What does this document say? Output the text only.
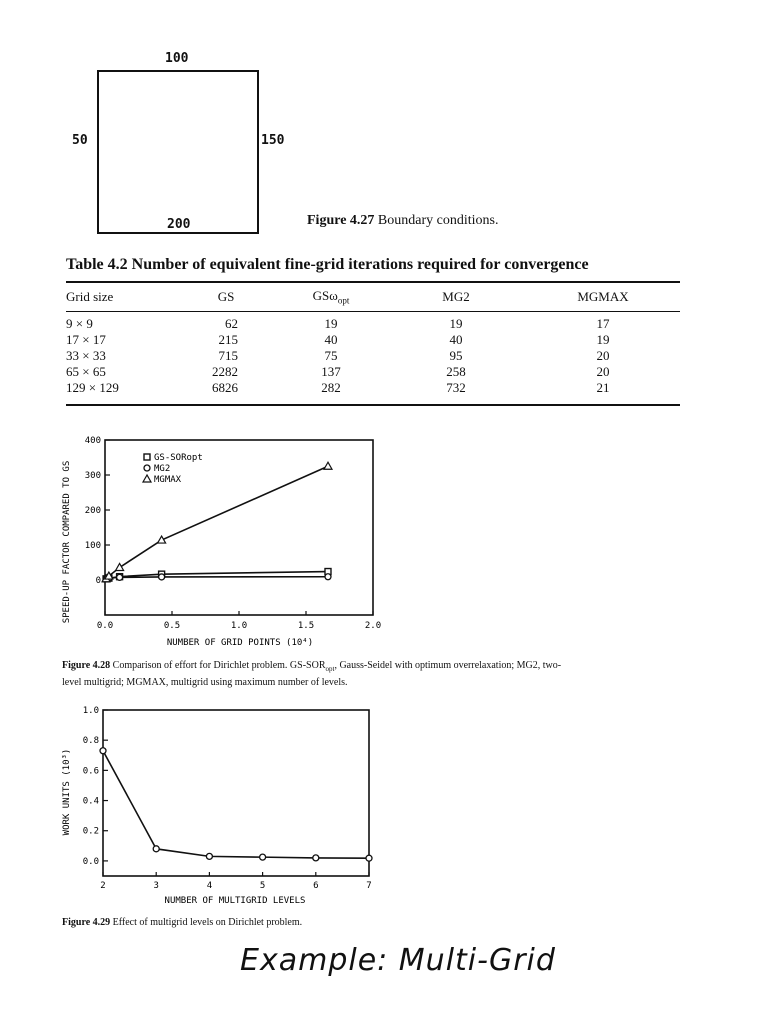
100
50	150
200	Figure 4.27 Boundary conditions.
Table 4.2 Number of equivalent fine-grid iterations required for convergence
Grid size	GS	GSω$_{opt}$	MG2	MGMAX

9 × 9	62	19	19	17
17 × 17	215	40	40	19
33 × 33	715	75	95	20
65 × 65	2282	137	258	20
129 × 129	6826	282	732	21

0.0	0.5	1.0	1.5	2.0
0
100
200
300
400
GS-SORopt
MG2
MGMAX
SPEED-UP FACTOR COMPARED TO GS
NUMBER OF GRID POINTS (10⁴)
Figure 4.28 Comparison of effort for Dirichlet problem. $GS-SOR_{opt}$, Gauss-Seidel with optimum overrelaxation; MG2, two-level multigrid; MGMAX, multigrid using maximum number of levels.
2	3	4	5	6	7
0.0
0.2
0.4
0.6
0.8
1.0
WORK UNITS (10³)
NUMBER OF MULTIGRID LEVELS
Figure 4.29 Effect of multigrid levels on Dirichlet problem.
Example: Multi-Grid
